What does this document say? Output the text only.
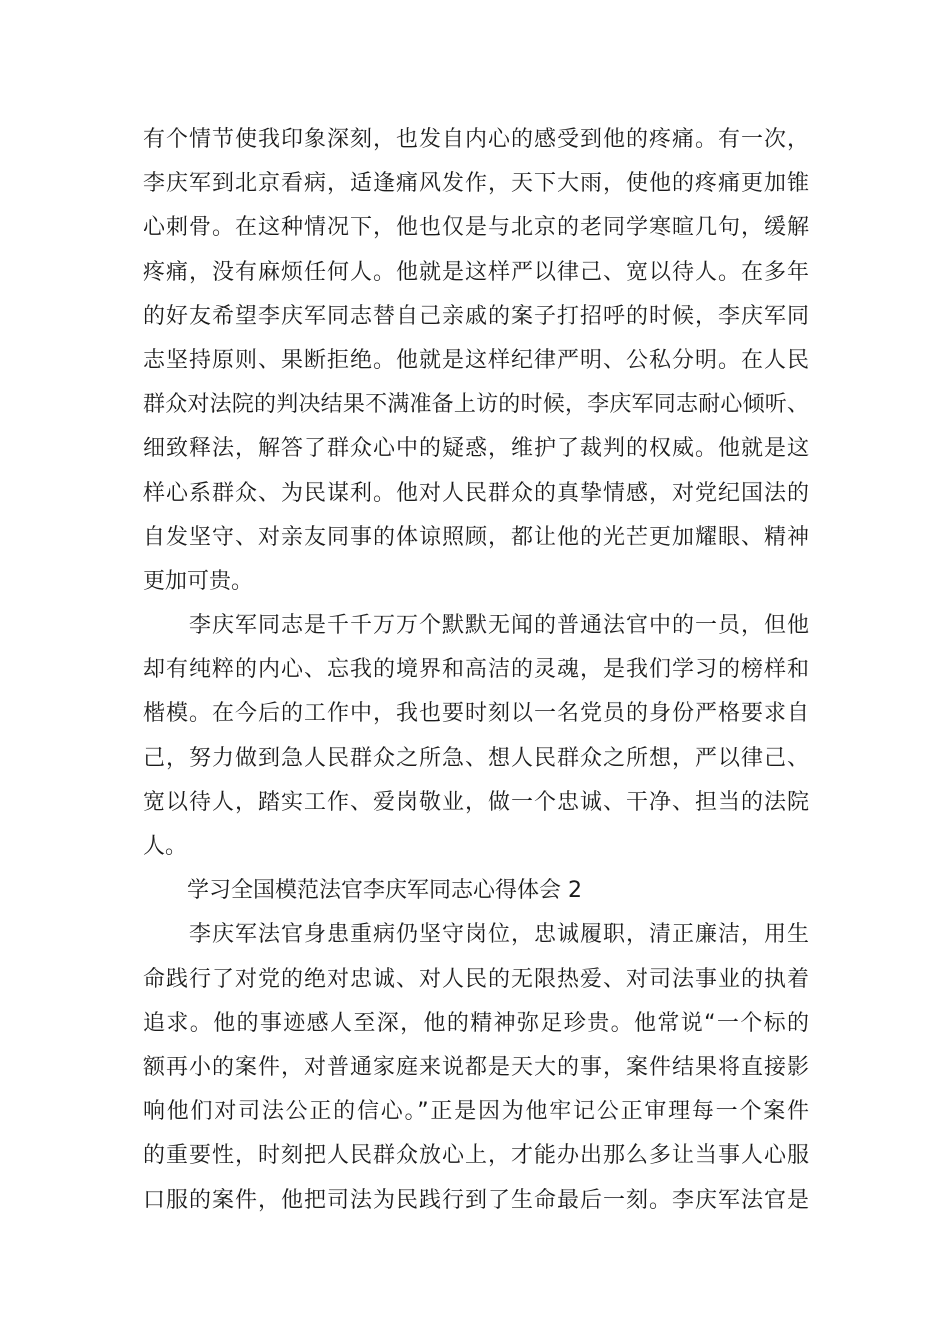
有个情节使我印象深刻，也发自内心的感受到他的疼痛。有一次，
李庆军到北京看病，适逢痛风发作，天下大雨，使他的疼痛更加锥
心刺骨。在这种情况下，他也仅是与北京的老同学寒暄几句，缓解
疼痛，没有麻烦任何人。他就是这样严以律己、宽以待人。在多年
的好友希望李庆军同志替自己亲戚的案子打招呼的时候，李庆军同
志坚持原则、果断拒绝。他就是这样纪律严明、公私分明。在人民
群众对法院的判决结果不满准备上访的时候，李庆军同志耐心倾听、
细致释法，解答了群众心中的疑惑，维护了裁判的权威。他就是这
样心系群众、为民谋利。他对人民群众的真挚情感，对党纪国法的
自发坚守、对亲友同事的体谅照顾，都让他的光芒更加耀眼、精神
更加可贵。
　　李庆军同志是千千万万个默默无闻的普通法官中的一员，但他
却有纯粹的内心、忘我的境界和高洁的灵魂，是我们学习的榜样和
楷模。在今后的工作中，我也要时刻以一名党员的身份严格要求自
己，努力做到急人民群众之所急、想人民群众之所想，严以律己、
宽以待人，踏实工作、爱岗敬业，做一个忠诚、干净、担当的法院
人。
　　学习全国模范法官李庆军同志心得体会 2
　　李庆军法官身患重病仍坚守岗位，忠诚履职，清正廉洁，用生
命践行了对党的绝对忠诚、对人民的无限热爱、对司法事业的执着
追求。他的事迹感人至深，他的精神弥足珍贵。他常说“一个标的
额再小的案件，对普通家庭来说都是天大的事，案件结果将直接影
响他们对司法公正的信心。”正是因为他牢记公正审理每一个案件
的重要性，时刻把人民群众放心上，才能办出那么多让当事人心服
口服的案件，他把司法为民践行到了生命最后一刻。李庆军法官是
